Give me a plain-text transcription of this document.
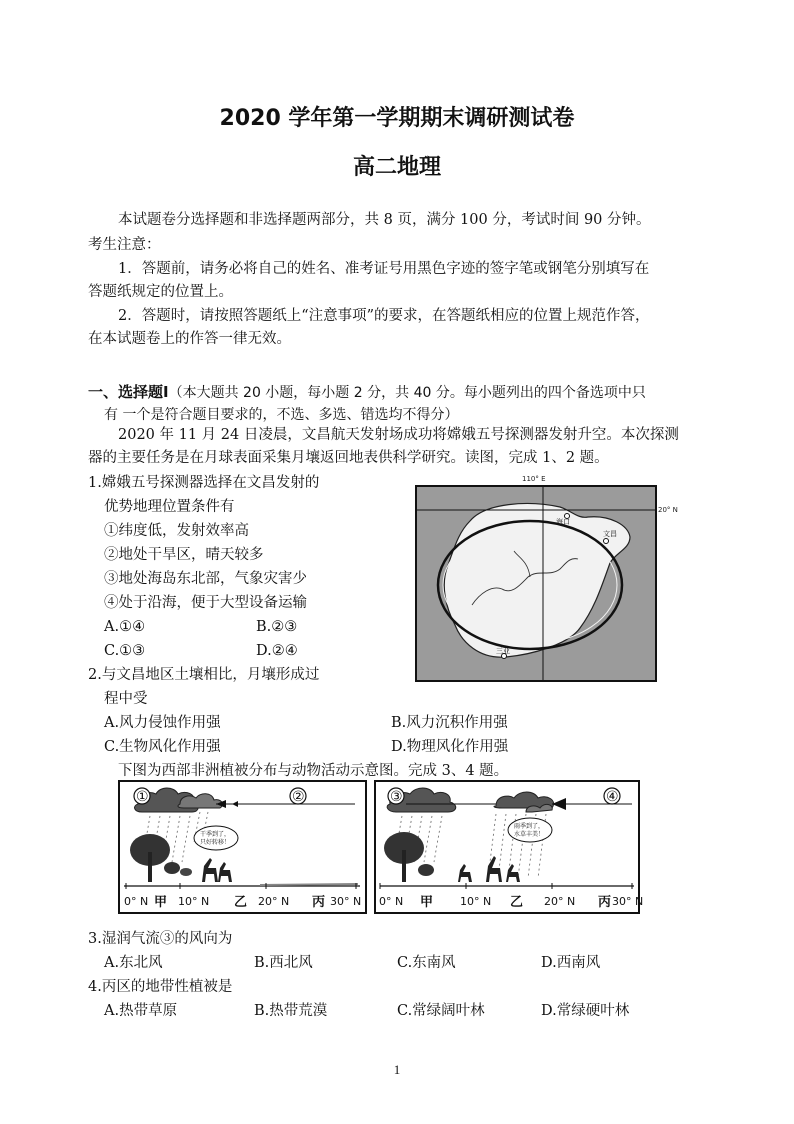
2020 学年第一学期期末调研测试卷
高二地理
本试题卷分选择题和非选择题两部分，共 8 页，满分 100 分，考试时间 90 分钟。
考生注意：
1．答题前，请务必将自己的姓名、准考证号用黑色字迹的签字笔或钢笔分别填写在
答题纸规定的位置上。
2．答题时，请按照答题纸上“注意事项”的要求，在答题纸相应的位置上规范作答，
在本试题卷上的作答一律无效。
一、选择题Ⅰ（本大题共 20 小题，每小题 2 分，共 40 分。每小题列出的四个备选项中只
有 一个是符合题目要求的，不选、多选、错选均不得分）
2020 年 11 月 24 日凌晨，文昌航天发射场成功将嫦娥五号探测器发射升空。本次探测
器的主要任务是在月球表面采集月壤返回地表供科学研究。读图，完成 1、2 题。
1.嫦娥五号探测器选择在文昌发射的
优势地理位置条件有
①纬度低，发射效率高
②地处干旱区，晴天较多
③地处海岛东北部，气象灾害少
④处于沿海，便于大型设备运输
A.①④	B.②③
C.①③	D.②④
2.与文昌地区土壤相比，月壤形成过
程中受
A.风力侵蚀作用强	B.风力沉积作用强
C.生物风化作用强	D.物理风化作用强
110° E
20° N
海口
文昌
三亚
下图为西部非洲植被分布与动物活动示意图。完成 3、4 题。
①	②
干季到了，
只好转移！
0° N 甲 10° N 乙 20° N 丙 30° N
③	④
雨季到了，
水草丰美！
0° N 甲 10° N 乙 20° N 丙 30° N
3.湿润气流③的风向为
A.东北风	B.西北风	C.东南风	D.西南风
4.丙区的地带性植被是
A.热带草原	B.热带荒漠	C.常绿阔叶林	D.常绿硬叶林
1
